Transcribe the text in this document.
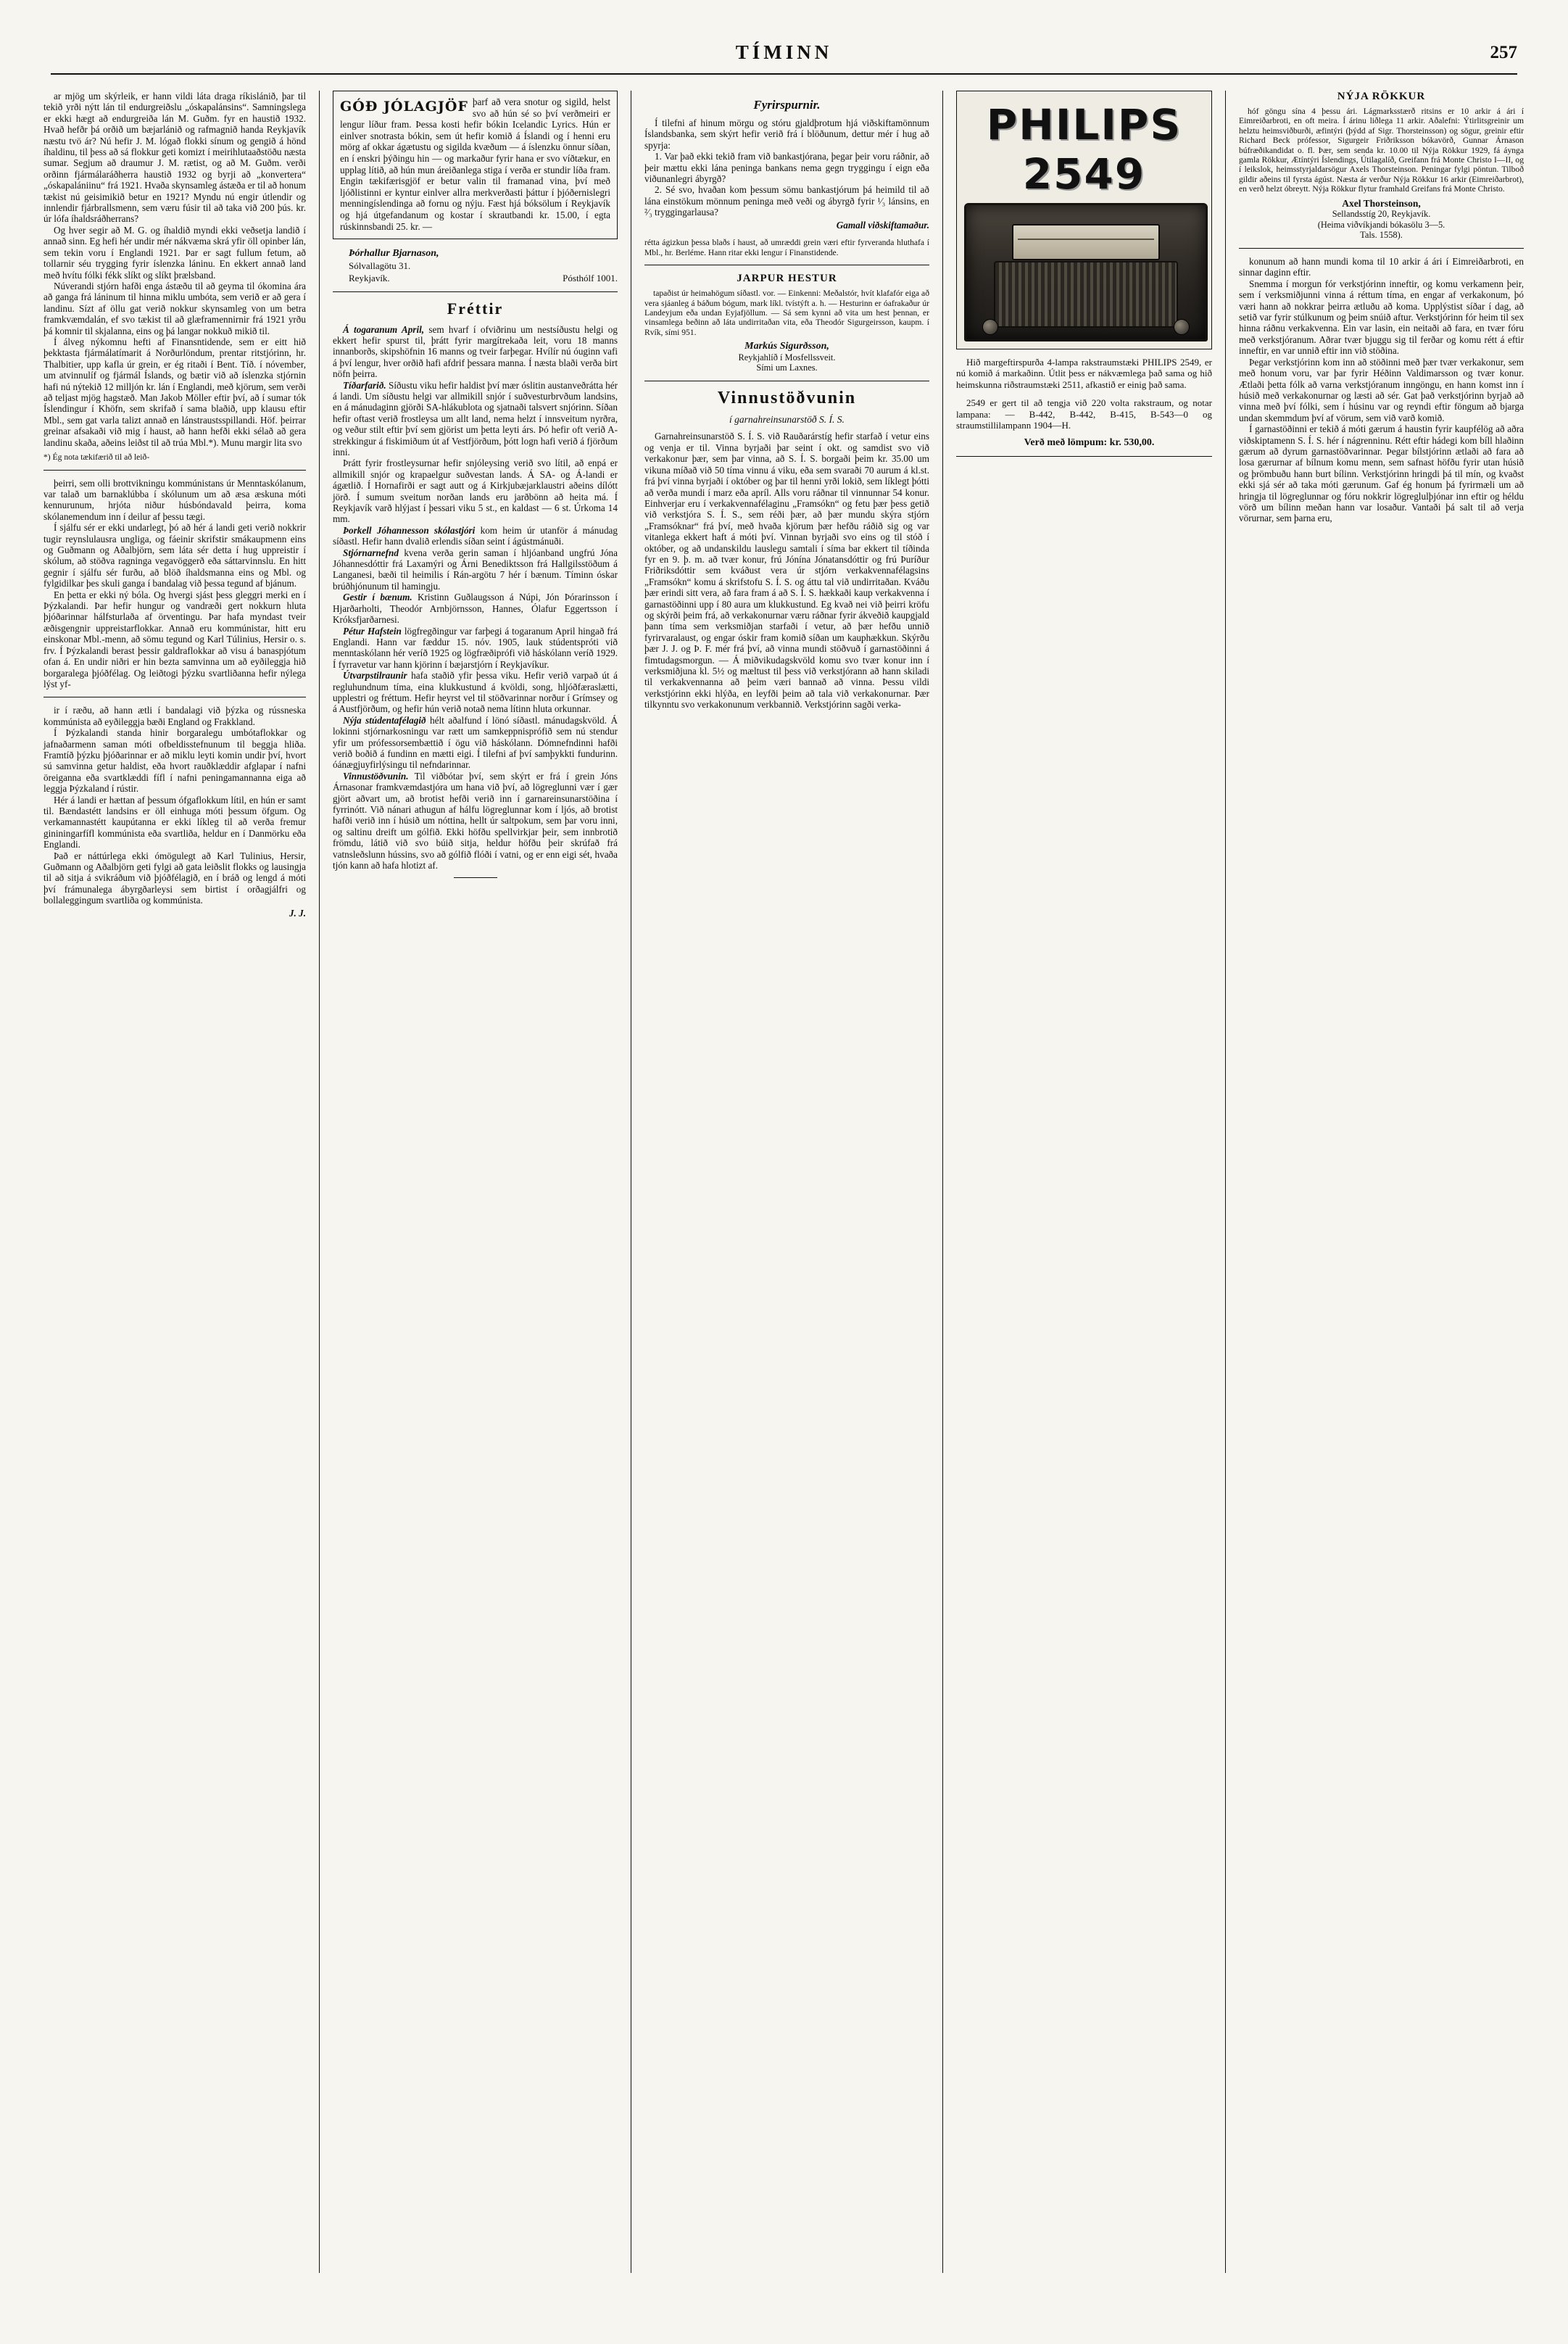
TÍMINN	257

ar mjög um skýrleik, er hann vildi láta draga ríkislánið, þar til tekið yrði nýtt lán til endurgreiðslu „óskapalánsins“. Samningslega er ekki hægt að endurgreiða lán M. Guðm. fyr en haustið 1932. Hvað hefðr þá orðið um bæjarlánið og rafmagnið handa Reykjavík næstu tvö ár? Nú hefir J. M. lógað flokki sínum og gengið á hönd íhaldinu, til þess að sá flokkur geti komizt í meirihlutaaðstöðu næsta sumar. Segjum að draumur J. M. rætist, og að M. Guðm. verði orðinn fjármálaráðherra haustið 1932 og byrji að „konvertera“ „óskapalániinu“ frá 1921. Hvaða skynsamleg ástæða er til að honum tækist nú geisimikið betur en 1921? Myndu nú engir útlendir og innlendir fjárbrallsmenn, sem væru fúsir til að taka við 200 þús. kr. úr lófa íhaldsráðherrans?

Og hver segir að M. G. og íhaldið myndi ekki veðsetja landið í annað sinn. Eg hefi hér undir mér nákvæma skrá yfir öll opinber lán, sem tekin voru í Englandi 1921. Þar er sagt fullum fetum, að tollarnir séu trygging fyrir íslenzka láninu. En ekkert annað land með hvítu fólki fékk slíkt og slíkt þrælsband.

Núverandi stjórn hafði enga ástæðu til að geyma til ókomina ára að ganga frá láninum til hinna miklu umbóta, sem verið er að gera í landinu. Sízt af öllu gat verið nokkur skynsamleg von um betra framkvæmdalán, ef svo tækist til að glæframennirnir frá 1921 yrðu þá komnir til skjalanna, eins og þá langar nokkuð mikið til.

Í álveg nýkomnu hefti af Finansntidende, sem er eitt hið þekktasta fjármálatímarit á Norðurlöndum, prentar ritstjórinn, hr. Thalbitier, upp kafla úr grein, er ég ritaði í Bent. Tíð. í nóvember, um atvinnulíf og fjármál Íslands, og bætir við að íslenzka stjórnin hafi nú nýtekið 12 milljón kr. lán í Englandi, með kjörum, sem verði að teljast mjög hagstæð. Man Jakob Möller eftir því, að í sumar tók Íslendingur í Khöfn, sem skrifað í sama blaðið, upp klausu eftir Mbl., sem gat varla talizt annað en lánstraustsspillandi. Höf. þeirrar greinar afsakaði við mig í haust, að hann hefði ekki sélað að gera landinu skaða, aðeins leiðst til að trúa Mbl.*). Munu margir lita svo

*) Ég nota tækifærið til að leið-

þeirri, sem olli brottvikningu kommúnistans úr Menntaskólanum, var talað um barnaklúbba í skólunum um að æsa æskuna móti kennurunum, hrjóta niður húsbóndavald þeirra, koma skólanemendum inn í deilur af þessu tægi.

Í sjálfu sér er ekki undarlegt, þó að hér á landi geti verið nokkrir tugir reynslulausra ungliga, og fáeinir skrifstir smákaupmenn eins og Guðmann og Aðalbjörn, sem láta sér detta í hug uppreistir í skólum, að stöðva ragninga vegavöggerð eða sáttarvinnslu. En hitt gegnir í sjálfu sér furðu, að blöð íhaldsmanna eins og Mbl. og fylgidilkar þes skuli ganga í bandalag við þessa tegund af bjánum.

En þetta er ekki ný bóla. Og hvergi sjást þess gleggri merki en í Þýzkalandi. Þar hefir hungur og vandræði gert nokkurn hluta þjóðarinnar hálfsturlaða af örventingu. Þar hafa myndast tveir æðisgengnir uppreistarflokkar. Annað eru kommúnistar, hitt eru einskonar Mbl.-menn, að sömu tegund og Karl Túlinius, Hersir o. s. frv. Í Þýzkalandi berast þessir galdraflokkar að visu á banaspjótum ofan á. En undir niðri er hin bezta samvinna um að eyðileggja hið borgaralega þjóðfélag. Og leiðtogi þýzku svartliðanna hefir nýlega lýst yf-

ir í ræðu, að hann ætli í bandalagi við þýzka og rússneska kommúnista að eyðileggja bæði England og Frakkland.

Í Þýzkalandi standa hinir borgaralegu umbótaflokkar og jafnaðarmenn saman móti ofbeldisstefnunum til beggja hliða. Framtíð þýzku þjóðarinnar er að miklu leyti komin undir því, hvort sú samvinna getur haldist, eða hvort rauðklæddir afglapar í nafni öreiganna eða svartklæddi fífl í nafni peningamannanna eiga að leggja Þýzkaland í rústir.

Hér á landi er hættan af þessum ófgaflokkum lítil, en hún er samt til. Bændastétt landsins er öll einhuga móti þessum öfgum. Og verkamannastétt kaupútanna er ekki líkleg til að verða fremur gininingarfífl kommúnista eða svartliða, heldur en í Danmörku eða Englandi.

Það er náttúrlega ekki ómögulegt að Karl Tulinius, Hersir, Guðmann og Aðalbjörn geti fylgi að gata leiðslit flokks og lausingja til að sitja á svikráðum við þjóðfélagið, en í bráð og lengd á móti því frámunalega ábyrgðarleysi sem birtist í orðagjálfri og bollaleggingum svartliða og kommúnista.

J. J.

GÓÐ JÓLAGJÖF þarf að vera snotur og sigild, helst svo að hún sé so því verðmeiri er lengur líður fram. Þessa kosti hefir bókin Icelandic Lyrics. Hún er einlver snotrasta bókin, sem út hefir komið á Íslandi og í henni eru mörg af okkar ágætustu og sigilda kvæðum — á íslenzku önnur síðan, en í enskri þýðingu hin — og markaður fyrir hana er svo víðtækur, en upplag lítið, að hún mun áreiðanlega stiga í verða er stundir líða fram. Engin tækifærisgjöf er betur valin til framanad vina, því með ljóðlistinni er kyntur einlver allra merkverðasti þáttur í þjóðernislegri menningíslendinga að fornu og nýju. Fæst hjá bóksölum í Reykjavík og hjá útgefandanum og kostar í skrautbandi kr. 15.00, í egta rúskinnsbandi 25. kr. —

Þórhallur Bjarnason,

Sólvallagötu 31.

Reykjavík.	Pósthólf 1001.
Fréttir

Á togaranum April, sem hvarf í ofviðrinu um nestsíðustu helgi og ekkert hefir spurst til, þrátt fyrir margítrekaða leit, voru 18 manns innanborðs, skipshöfnin 16 manns og tveir farþegar. Hvílír nú óuginn vafi á því lengur, hver orðið hafi afdrif þessara manna. Í næsta blaði verða birt nöfn þeirra.

Tíðarfarið. Síðustu viku hefir haldist því mær óslitin austanveðrátta hér á landi. Um síðustu helgi var allmikill snjór í suðvesturbrvðum landsins, en á mánudaginn gjörði SA-hlákublota og sjatnaði talsvert snjórinn. Síðan hefir oftast verið frostleysa um allt land, nema helzt í innsveitum nyrðra, og veður stilt eftir því sem gjörist um þetta leyti árs. Þó hefir oft verið A-strekkingur á fiskimiðum út af Vestfjörðum, þótt logn hafi verið á fjörðum inni.

Þrátt fyrir frostleysurnar hefir snjóleysing verið svo lítil, að enpá er allmikill snjór og krapaelgur suðvestan lands. Á SA- og Á-landi er ágætlið. Í Hornafirði er sagt autt og á Kirkjubæjarklaustri aðeins dílótt jörð. Í sumum sveitum norðan lands eru jarðbönn að heita má. Í Reykjavík varð hlýjast í þessari viku 5 st., en kaldast — 6 st. Úrkoma 14 mm.

Þorkell Jóhannesson skólastjóri kom heim úr utanför á mánudag síðastl. Hefir hann dvalið erlendis síðan seint í ágústmánuði.

Stjórnarnefnd kvena verða gerin saman í hljóanband ungfrú Jóna Jóhannesdóttir frá Laxamýri og Árni Benediktsson frá Hallgilsstöðum á Langanesi, bæði til heimilis í Rán-argötu 7 hér í bænum. Tíminn óskar brúðhjónunum til hamingju.

Gestir í bænum. Kristinn Guðlaugsson á Núpi, Jón Þórarinsson í Hjarðarholti, Theodór Arnbjörnsson, Hannes, Ólafur Eggertsson í Króksfjarðarnesi.

Pétur Hafstein lögfregðingur var farþegi á togaranum April hingað frá Englandi. Hann var fæddur 15. nóv. 1905, lauk stúdentspróti við menntaskólann hér veríð 1925 og lögfræðiprófi við háskólann veríð 1929. Í fyrravetur var hann kjörinn í bæjarstjórn í Reykjavíkur.

Útvarpstilraunir hafa staðið yfir þessa viku. Hefir verið varpað út á regluhundnum tíma, eina klukkustund á kvöldi, song, hljóðfæraslætti, upplestri og fréttum. Hefir heyrst vel til stöðvarinnar norður í Grímsey og á Austfjörðum, og hefir hún verið notað nema lítinn hluta orkunnar.

Nýja stúdentafélagið hélt aðalfund í lönó síðastl. mánudagskvöld. Á lokinni stjórnarkosningu var rætt um samkeppnisprófið sem nú stendur yfir um prófessorsembættið í ögu við háskólann. Dómnefndinni hafði verið boðið á fundinn en mætti eigi. Í tilefni af því samþykkti fundurinn. óánægjuyfirlýsingu til nefndarinnar.

Vinnustöðvunin. Til viðbótar því, sem skýrt er frá í grein Jóns Árnasonar framkvæmdastjóra um hana við því, að lögreglunni vær í gær gjört aðvart um, að brotist hefði verið inn í garnareinsunarstöðina í fyrrinótt. Við nánari athugun af hálfu lögreglunnar kom í ljós, að brotist hafði verið inn í húsið um nóttina, hellt úr saltpokum, sem þar voru inni, og saltinu dreift um gólfið. Ekki höfðu spellvirkjar þeir, sem innbrotið frömdu, látið við svo búið sitja, heldur höfðu þeir skrúfað frá vatnsleðslunn hússins, svo að gólfið flóði í vatni, og er enn eigi sét, hvaða tjón kann að hafa hlotizt af.

Fyrirspurnir.

Í tilefni af hinum mörgu og stóru gjaldþrotum hjá viðskiftamönnum Íslandsbanka, sem skýrt hefir verið frá í blöðunum, dettur mér í hug að spyrja:

1. Var það ekki tekið fram við bankastjórana, þegar þeir voru ráðnir, að þeir mættu ekki lána peninga bankans nema gegn tryggingu í eign eða viðunanlegri ábyrgð?

2. Sé svo, hvaðan kom þessum sömu bankastjórum þá heimild til að lána einstökum mönnum peninga með veði og ábyrgð fyrir ¹⁄₃ lánsins, en ²⁄₃ tryggingarlausa?

Gamall viðskiftamaður.

rétta ágizkun þessa blaðs í haust, að umræddi grein væri eftir fyrveranda hluthafa í Mbl., hr. Berléme. Hann ritar ekki lengur í Finanstidende.

JARPUR HESTUR

tapaðist úr heimahögum síðastl. vor. — Einkenni: Meðalstór, hvít klafafór eiga að vera sjáanleg á báðum bógum, mark líkl. tvístýft a. h. — Hesturinn er óafrakaður úr Landeyjum eða undan Eyjafjöllum. — Sá sem kynni að vita um hest þennan, er vinsamlega beðinn að láta undirritaðan vita, eða Theodór Sigurgeirsson, kaupm. í Rvík, sími 951.

Markús Sigurðsson,

Reykjahlíð í Mosfellssveit.

Sími um Laxnes.

Vinnustöðvunin

í garnahreinsunarstöð S. Í. S.

Garnahreinsunarstöð S. Í. S. við Rauðarárstíg hefir starfað í vetur eins og venja er til. Vinna byrjaði þar seint í okt. og samdist svo við verkakonur þær, sem þar vinna, að S. Í. S. borgaði þeim kr. 35.00 um vikuna míðað við 50 tíma vinnu á viku, eða sem svaraði 70 aurum á kl.st. frá því vinna byrjaði í október og þar til henni yrði lokið, sem líklegt þótti að verða mundi í marz eða apríl. Alls voru ráðnar til vinnunnar 54 konur. Einhverjar eru í verkakvennafélaginu „Framsókn“ og fetu þær þess getið við verkstjóra S. Í. S., sem réði þær, að þær mundu skýra stjórn „Framsóknar“ frá því, með hvaða kjörum þær hefðu ráðið sig og var vitanlega ekkert haft á móti því. Vinnan byrjaði svo eins og til stóð í október, og að undanskildu lauslegu samtali í síma bar ekkert til tíðinda fyr en 9. þ. m. að tvær konur, frú Jónína Jónatansdóttir og frú Þuríður Friðriksdóttir sem kváðust vera úr stjórn verkakvennafélagsins „Framsókn“ komu á skrifstofu S. Í. S. og áttu tal við undirritaðan. Kváðu þær erindi sitt vera, að fara fram á að S. Í. S. hækkaði kaup verkakvenna í garnastöðinni upp í 80 aura um klukkustund. Eg kvað nei við þeirri kröfu og skýrði þeim frá, að verkakonurnar væru ráðnar fyrir ákveðið kaupgjald þann tíma sem verksmiðjan starfaði í vetur, að þær hefðu unnið fyrirvaralaust, og engar óskir fram komið síðan um kauphækkun. Skýrðu þær J. J. og Þ. F. mér frá því, að vinna mundi stöðvuð í garnastöðinni á fimtudagsmorgun. — Á miðvikudagskvöld komu svo tvær konur inn í verksmiðjuna kl. 5½ og mæltust til þess við verkstjórann að hann skiladi til verkakvennanna að þeim væri bannað að vinna. Þessu vildi verkstjórinn ekki hlýða, en leyfði þeim að tala við verkakonurnar. Þær tilkynntu svo verkakonunum verkbannið. Verkstjórinn sagði verka-

PHILIPS 2549

Hið margeftirspurða 4-lampa rakstraumstæki PHILIPS 2549, er nú komið á markaðinn. Útlit þess er nákvæmlega það sama og hið heimskunna riðstraumstæki 2511, afkastið er einig það sama.

2549 er gert til að tengja við 220 volta rakstraum, og notar lampana: — B-442, B-442, B-415, B-543—0 og straumstillilampann 1904—H.

Verð með lömpum: kr. 530,00.

NÝJA RÖKKUR

hóf göngu sína 4 þessu ári. Lágmarksstærð ritsins er 10 arkir á ári í Eimreiðarbroti, en oft meira. Í árinu liðlega 11 arkir. Aðalefni: Ýtirlitsgreinir um helztu heimsviðburði, æfintýri (þýdd af Sigr. Thorsteinsson) og sögur, greinir eftir Richard Beck prófessor, Sigurgeir Friðriksson bókavörð, Gunnar Árnason búfræðikandidat o. fl. Þær, sem senda kr. 10.00 til Nýja Rökkur 1929, fá áynga gamla Rökkur, Ætíntýri Íslendings, Útilagalíð, Greifann frá Monte Christo I—II, og í leikslok, heimsstyrjaldarsögur Axels Thorsteinson. Peningar fylgi pöntun. Tilboð gildir aðeins til fyrsta ágúst. Næsta ár verður Nýja Rökkur 16 arkir (Eimreiðarbrot), en verð helzt óbreytt. Nýja Rökkur flytur framhald Greifans frá Monte Christo.

Axel Thorsteinson,

Sellandsstíg 20, Reykjavík.

(Heima viðvíkjandi bókasölu 3—5.

Tals. 1558).

konunum að hann mundi koma til 10 arkir á ári í Eimreiðarbroti, en sinnar daginn eftir.

Snemma í morgun fór verkstjórinn inneftir, og komu verkamenn þeir, sem í verksmiðjunni vinna á réttum tíma, en engar af verkakonum, þó væri hann að nokkrar þeirra ætluðu að koma. Upplýstist síðar í dag, að setið var fyrir stúlkunum og þeim snúið aftur. Verkstjórinn fór heim til sex hinna ráðnu verkakvenna. Ein var lasin, ein neitaði að fara, en tvær fóru með verkstjóranum. Aðrar tvær bjuggu sig til ferðar og komu rétt á eftir inneftir, en var unnið eftir inn við stöðina.

Þegar verkstjórinn kom inn að stöðinni með þær tvær verkakonur, sem með honum voru, var þar fyrir Héðinn Valdimarsson og tvær konur. Ætlaði þetta fólk að varna verkstjóranum inngöngu, en hann komst inn í húsið með verkakonurnar og læsti að sér. Gat það verkstjórinn byrjað að vinna með því fólki, sem í húsinu var og reyndi eftir föngum að bjarga undan skemmdum því af vörum, sem við varð komið.

Í garnastöðinni er tekið á móti gærum á haustin fyrir kaupfélög að aðra viðskiptamenn S. Í. S. hér í nágrenninu. Rétt eftir hádegi kom bíll hlaðinn gærum að dyrum garnastöðvarinnar. Þegar bílstjórinn ætlaði að fara að losa gærurnar af bílnum komu menn, sem safnast höfðu fyrir utan húsið og þrömbuðu hann burt bílinn. Verkstjórinn hringdi þá til mín, og kvaðst ekki sjá sér að taka móti gærunum. Gaf ég honum þá fyrirmæli um að hringja til lögreglunnar og fóru nokkrir lögreglulþjónar inn eftir og héldu vörð um bílinn meðan hann var losaður. Vantaði þá salt til að verja vörurnar, sem þarna eru,
